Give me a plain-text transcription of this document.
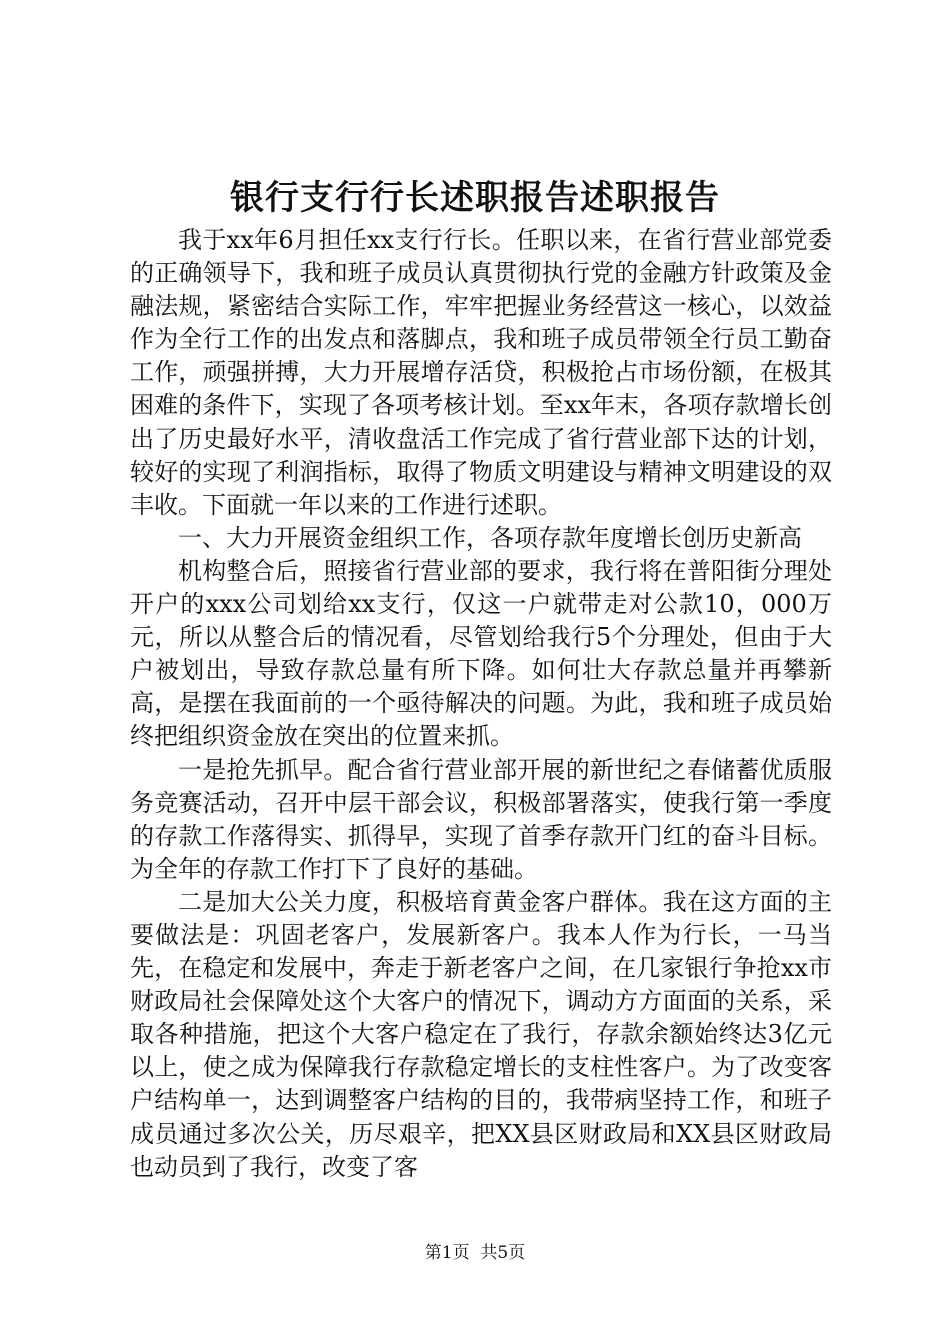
银行支行行长述职报告述职报告

我于xx年6月担任xx支行行长。任职以来，在省行营业部党委的正确领导下，我和班子成员认真贯彻执行党的金融方针政策及金融法规，紧密结合实际工作，牢牢把握业务经营这一核心，以效益作为全行工作的出发点和落脚点，我和班子成员带领全行员工勤奋工作，顽强拼搏，大力开展增存活贷，积极抢占市场份额，在极其困难的条件下，实现了各项考核计划。至xx年末，各项存款增长创出了历史最好水平，清收盘活工作完成了省行营业部下达的计划，较好的实现了利润指标，取得了物质文明建设与精神文明建设的双丰收。下面就一年以来的工作进行述职。

一、大力开展资金组织工作，各项存款年度增长创历史新高

机构整合后，照接省行营业部的要求，我行将在普阳街分理处开户的xxx公司划给xx支行，仅这一户就带走对公款10，000万元，所以从整合后的情况看，尽管划给我行5个分理处，但由于大户被划出，导致存款总量有所下降。如何壮大存款总量并再攀新高，是摆在我面前的一个亟待解决的问题。为此，我和班子成员始终把组织资金放在突出的位置来抓。

一是抢先抓早。配合省行营业部开展的新世纪之春储蓄优质服务竞赛活动，召开中层干部会议，积极部署落实，使我行第一季度的存款工作落得实、抓得早，实现了首季存款开门红的奋斗目标。为全年的存款工作打下了良好的基础。

二是加大公关力度，积极培育黄金客户群体。我在这方面的主要做法是：巩固老客户，发展新客户。我本人作为行长，一马当先，在稳定和发展中，奔走于新老客户之间，在几家银行争抢xx市财政局社会保障处这个大客户的情况下，调动方方面面的关系，采取各种措施，把这个大客户稳定在了我行，存款余额始终达3亿元以上，使之成为保障我行存款稳定增长的支柱性客户。为了改变客户结构单一，达到调整客户结构的目的，我带病坚持工作，和班子成员通过多次公关，历尽艰辛，把XX县区财政局和XX县区财政局也动员到了我行，改变了客

第1页 共5页
